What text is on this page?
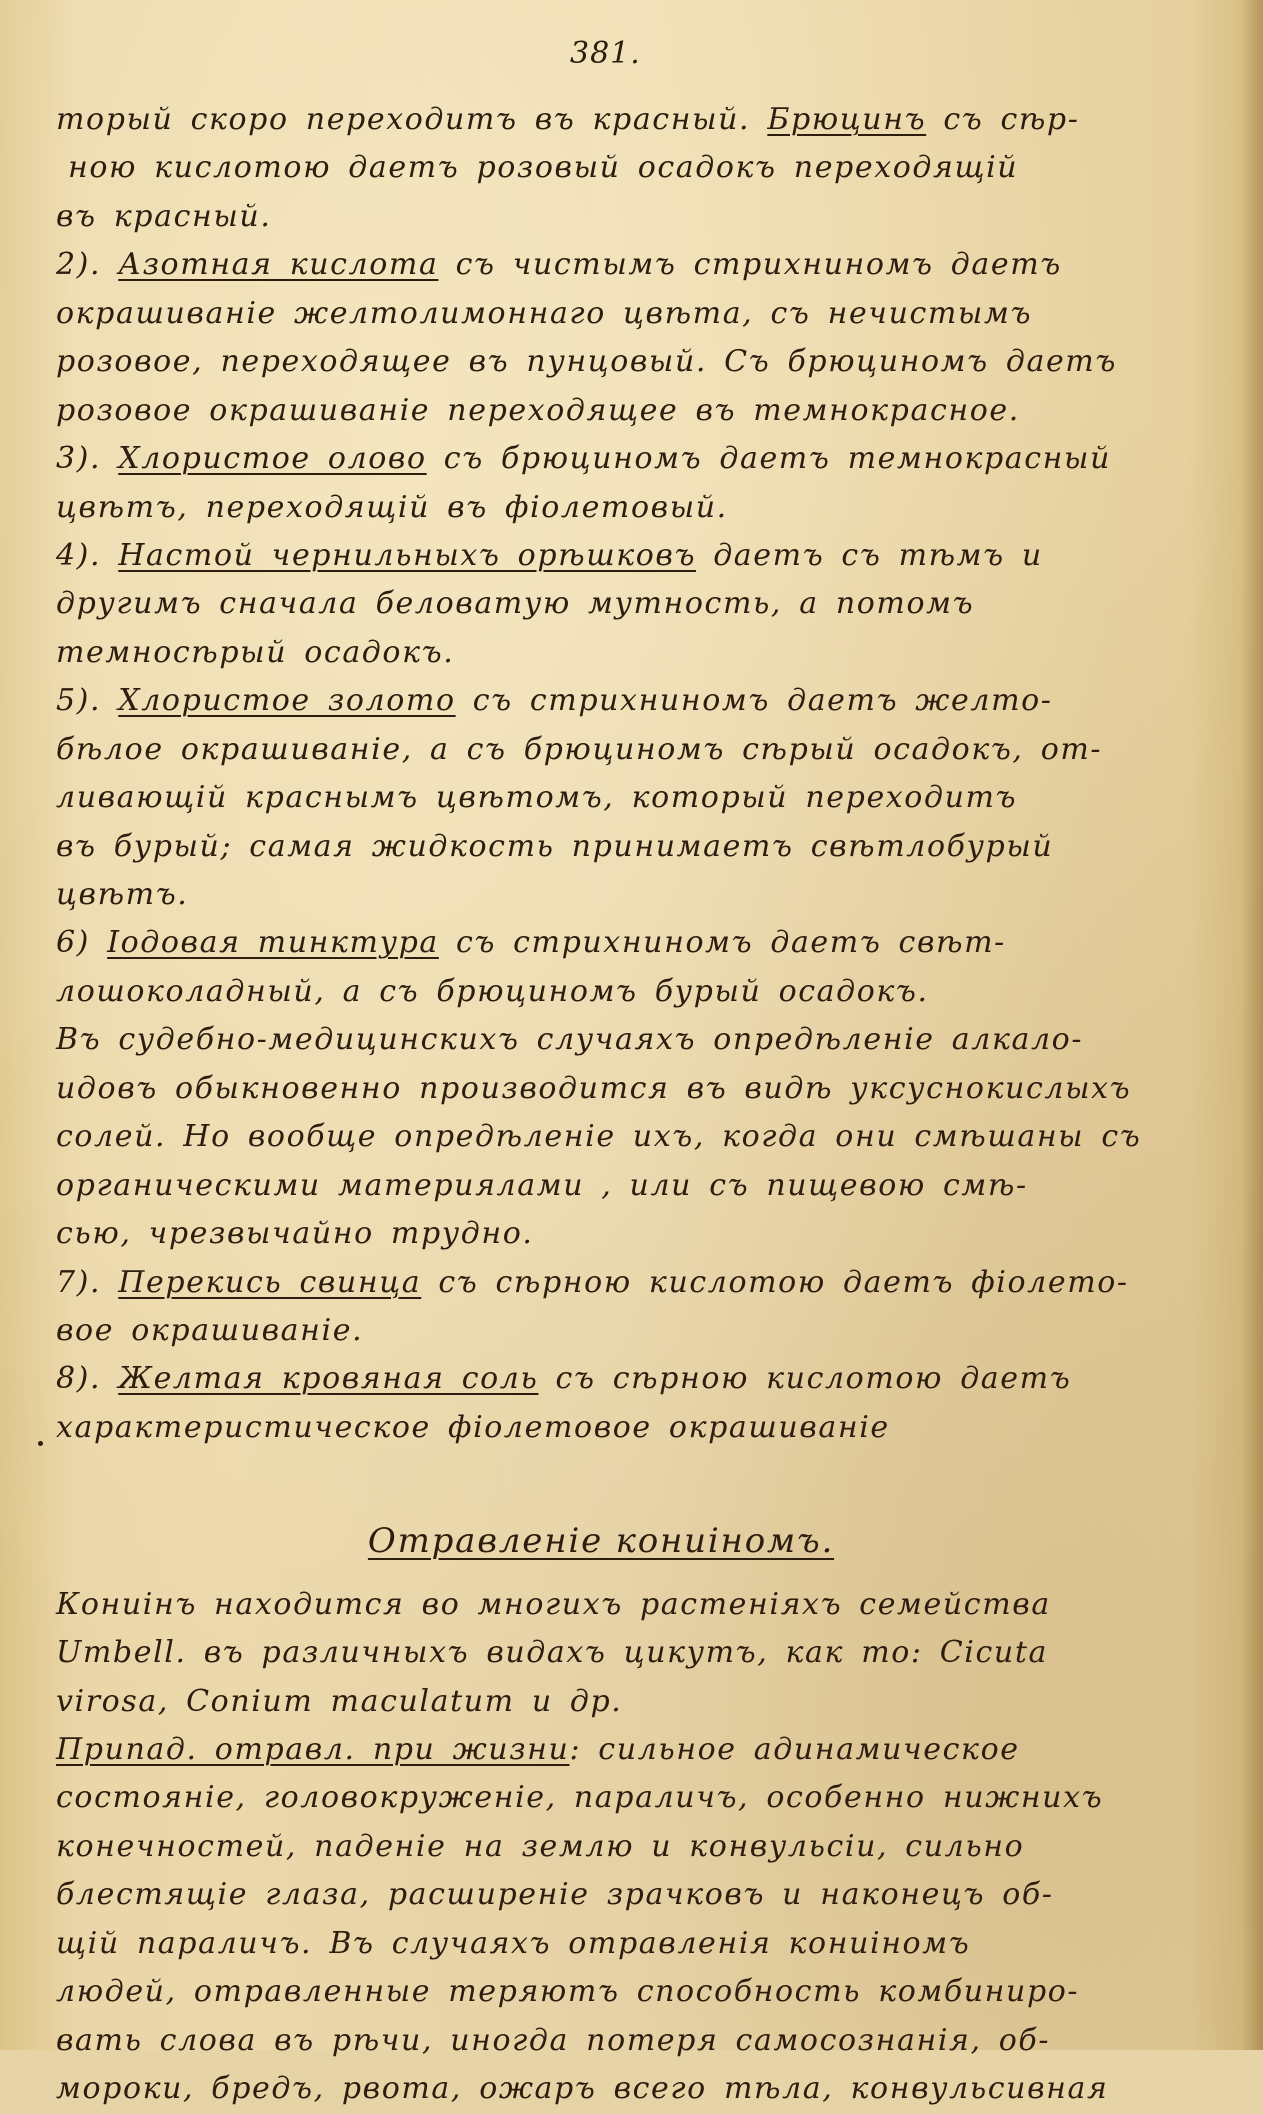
381.
торый скоро переходитъ въ красный. Брюцинъ съ сѣр-
ною кислотою даетъ розовый осадокъ переходящій
въ красный.
2). Азотная кислота съ чистымъ стрихниномъ даетъ
окрашиванiе желтолимоннаго цвѣта, съ нечистымъ
розовое, переходящее въ пунцовый. Съ брюциномъ даетъ
розовое окрашиванiе переходящее въ темнокрасное.
3). Хлористое олово съ брюциномъ даетъ темнокрасный
цвѣтъ, переходящій въ фiолетовый.
4). Настой чернильныхъ орѣшковъ даетъ съ тѣмъ и
другимъ сначала беловатую мутность, а потомъ
темносѣрый осадокъ.
5). Хлористое золото съ стрихниномъ даетъ желто-
бѣлое окрашиванiе, а съ брюциномъ сѣрый осадокъ, от-
ливающій краснымъ цвѣтомъ, который переходитъ
въ бурый; самая жидкость принимаетъ свѣтлобурый
цвѣтъ.
6) Iодовая тинктура съ стрихниномъ даетъ свѣт-
лошоколадный, а съ брюциномъ бурый осадокъ.
Въ судебно-медицинскихъ случаяхъ опредѣленiе алкало-
идовъ обыкновенно производится въ видѣ уксуснокислыхъ
солей. Но вообще опредѣленiе ихъ, когда они смѣшаны съ
органическими материялами , или съ пищевою смѣ-
сью, чрезвычайно трудно.
7). Перекись свинца съ сѣрною кислотою даетъ фiолето-
вое окрашиванiе.
8). Желтая кровяная соль съ сѣрною кислотою даетъ
характеристическое фiолетовое окрашиванiе
Отравленiе кониiномъ.
Кониiнъ находится во многихъ растенiяхъ семейства
Umbell. въ различныхъ видахъ цикутъ, как то: Cicuta
virosa, Conium maculatum и др.
Припад. отравл. при жизни: сильное адинамическое
состоянiе, головокруженiе, параличъ, особенно нижнихъ
конечностей, паденiе на землю и конвульсiи, сильно
блестящiе глаза, расширенiе зрачковъ и наконецъ об-
щiй параличъ. Въ случаяхъ отравленiя кониiномъ
людей, отравленные теряютъ способность комбинирo-
вать слова въ рѣчи, иногда потеря самосознанiя, об-
мороки, бредъ, рвота, ожаръ всего тѣла, конвульсивная
